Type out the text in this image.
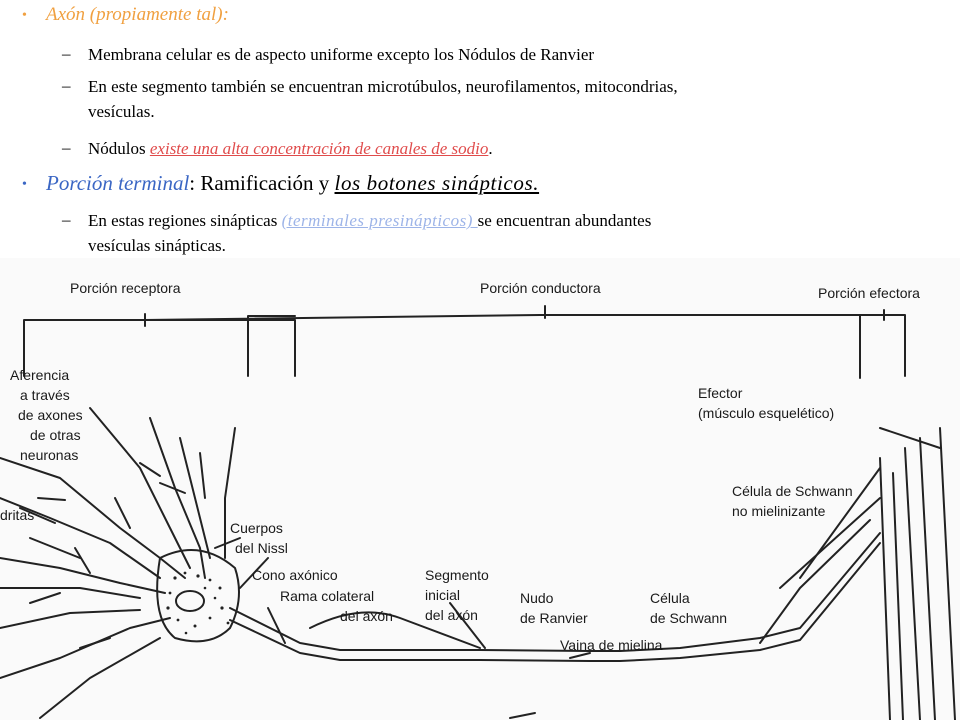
• Axón (propiamente tal):
– Membrana celular es de aspecto uniforme excepto los Nódulos de Ranvier
– En este segmento también se encuentran microtúbulos, neurofilamentos, mitocondrias,
vesículas.
– Nódulos existe una alta concentración de canales de sodio.
• Porción terminal: Ramificación y los botones sinápticos.
– En estas regiones sinápticas (terminales presinápticos) se encuentran abundantes
vesículas sinápticas.
Porción receptora	Porción conductora	Porción efectora
Aferencia
a través
de axones
de otras
neuronas
dritas
Cuerpos
del Nissl
Cono axónico
Rama colateral
del axón
Segmento
inicial
del axón
Nudo
de Ranvier
Vaina de mielina
Célula
de Schwann
Efector
(músculo esquelético)
Célula de Schwann
no mielinizante
